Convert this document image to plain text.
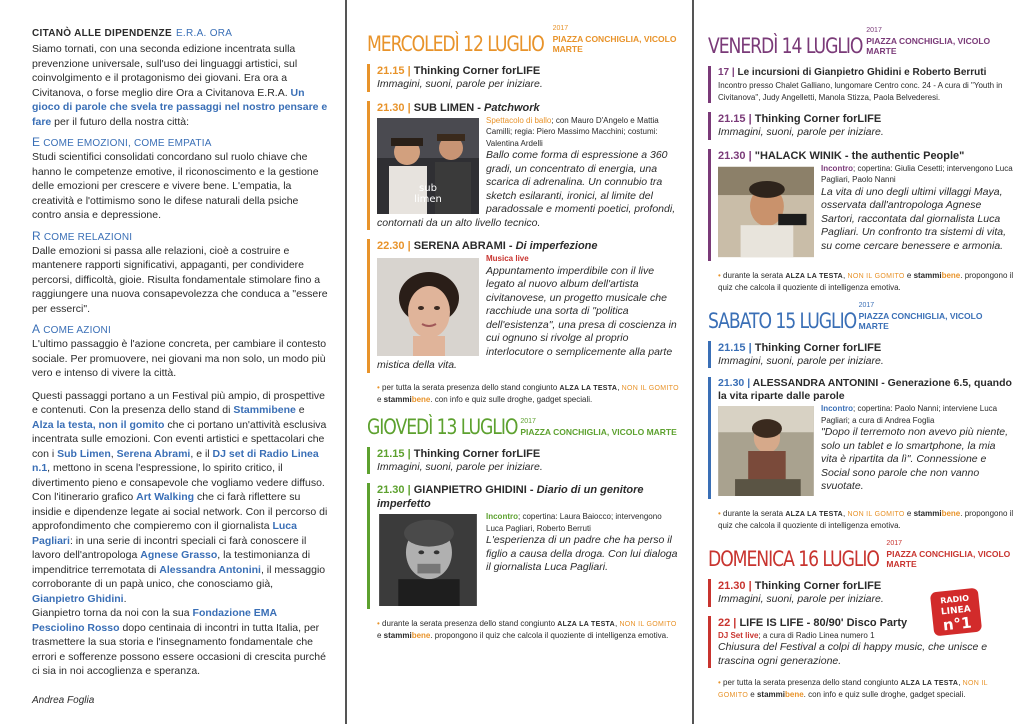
CITANÒ ALLE DIPENDENZE E.R.A. ORA

Siamo tornati, con una seconda edizione incentrata sulla prevenzione universale, sull'uso dei linguaggi artistici, sul coinvolgimento e il protagonismo dei giovani. Era ora a Civitanova, o forse meglio dire Ora a Civitanova E.R.A. Un gioco di parole che svela tre passaggi nel nostro pensare e fare per il futuro della nostra città:

E COME EMOZIONI, COME EMPATIA

Studi scientifici consolidati concordano sul ruolo chiave che hanno le competenze emotive, il riconoscimento e la gestione delle emozioni per crescere e vivere bene. L'empatia, la creatività e l'ottimismo sono le difese naturali della psiche contro ansia e depressione.

R COME RELAZIONI

Dalle emozioni si passa alle relazioni, cioè a costruire e mantenere rapporti significativi, appaganti, per condividere percorsi, difficoltà, gioie. Risulta fondamentale stimolare fino a raggiungere una nuova consapevolezza che conduca a "essere per esserci".

A COME AZIONI

L'ultimo passaggio è l'azione concreta, per cambiare il contesto sociale. Per promuovere, nei giovani ma non solo, un modo più vero e intenso di vivere la città.

Questi passaggi portano a un Festival più ampio, di prospettive e contenuti. Con la presenza dello stand di Stammibene e Alza la testa, non il gomito che ci portano un'attività esclusiva incentrata sulle emozioni. Con eventi artistici e spettacolari che con i Sub Limen, Serena Abrami, e il DJ set di Radio Linea n.1, mettono in scena l'espressione, lo spirito critico, il divertimento pieno e consapevole che vogliamo vedere diffuso. Con l'itinerario grafico Art Walking che ci farà riflettere su insidie e dipendenze legate ai social network. Con il percorso di approfondimento che compieremo con il giornalista Luca Pagliari: in una serie di incontri speciali ci farà conoscere il lavoro dell'antropologa Agnese Grasso, la testimonianza di impenditrice terremotata di Alessandra Antonini, il messaggio corroborante di un papà unico, che conosciamo già, Gianpietro Ghidini.

Gianpietro torna da noi con la sua Fondazione EMA Pesciolino Rosso dopo centinaia di incontri in tutta Italia, per trasmettere la sua storia e l'insegnamento fondamentale che errori e sofferenze possono essere occasioni di crescita purché ci sia in noi accoglienza e speranza.

Andrea Foglia
MERCOLEDÌ 12 LUGLIO
2017
PIAZZA CONCHIGLIA, VICOLO MARTE
21.15 | Thinking Corner forLIFE
Immagini, suoni, parole per iniziare.
21.30 | SUB LIMEN - Patchwork
sub
limen
Spettacolo di ballo; con Mauro D'Angelo e Mattia Camilli; regia: Piero Massimo Macchini; costumi: Valentina Ardelli
Ballo come forma di espressione a 360 gradi, un concentrato di energia, una scarica di adrenalina. Un connubio tra sketch esilaranti, ironici, al limite del paradossale e momenti poetici, profondi, contornati da un alto livello tecnico.
22.30 | SERENA ABRAMI - Di imperfezione
Musica live
Appuntamento imperdibile con il live legato al nuovo album dell'artista civitanovese, un progetto musicale che racchiude una sorta di "politica dell'esistenza", una presa di coscienza in cui ognuno si rivolge al proprio interlocutore o semplicemente alla parte mistica della vita.
• per tutta la serata presenza dello stand congiunto ALZA LA TESTA, NON IL GOMITO e stammibene. con info e quiz sulle droghe, gadget speciali.
GIOVEDÌ 13 LUGLIO 2017
PIAZZA CONCHIGLIA, VICOLO MARTE
21.15 | Thinking Corner forLIFE
Immagini, suoni, parole per iniziare.
21.30 | GIANPIETRO GHIDINI - Diario di un genitore imperfetto
Incontro; copertina: Laura Baiocco; intervengono Luca Pagliari, Roberto Berruti
L'esperienza di un padre che ha perso il figlio a causa della droga. Con lui dialoga il giornalista Luca Pagliari.
• durante la serata presenza dello stand congiunto ALZA LA TESTA, NON IL GOMITO e stammibene. propongono il quiz che calcola il quoziente di intelligenza emotiva.
VENERDÌ 14 LUGLIO
2017
PIAZZA CONCHIGLIA, VICOLO MARTE
17 | Le incursioni di Gianpietro Ghidini e Roberto Berruti
Incontro presso Chalet Galliano, lungomare Centro conc. 24 - A cura di "Youth in Civitanova", Judy Angelletti, Manola Stizza, Paola Belvederesi.
21.15 | Thinking Corner forLIFE
Immagini, suoni, parole per iniziare.
21.30 | "HALACK WINIK - the authentic People"
Incontro; copertina: Giulia Cesetti; intervengono Luca Pagliari, Paolo Nanni
La vita di uno degli ultimi villaggi Maya, osservata dall'antropologa Agnese Sartori, raccontata dal giornalista Luca Pagliari. Un confronto tra sistemi di vita, su come cercare benessere e armonia.
• durante la serata ALZA LA TESTA, NON IL GOMITO e stammibene. propongono il quiz che calcola il quoziente di intelligenza emotiva.
SABATO 15 LUGLIO
2017
PIAZZA CONCHIGLIA, VICOLO MARTE
21.15 | Thinking Corner forLIFE
Immagini, suoni, parole per iniziare.
21.30 | ALESSANDRA ANTONINI - Generazione 6.5, quando la vita riparte dalle parole
Incontro; copertina: Paolo Nanni; interviene Luca Pagliari; a cura di Andrea Foglia
"Dopo il terremoto non avevo più niente, solo un tablet e lo smartphone, la mia vita è ripartita da lì". Connessione e Social sono parole che non vanno svuotate.
• durante la serata ALZA LA TESTA, NON IL GOMITO e stammibene. propongono il quiz che calcola il quoziente di intelligenza emotiva.
DOMENICA 16 LUGLIO
2017
PIAZZA CONCHIGLIA, VICOLO MARTE
21.30 | Thinking Corner forLIFE
Immagini, suoni, parole per iniziare.
22 | LIFE IS LIFE - 80/90' Disco Party
DJ Set live; a cura di Radio Linea numero 1
Chiusura del Festival a colpi di happy music, che unisce e trascina ogni generazione.
• per tutta la serata presenza dello stand congiunto ALZA LA TESTA, NON IL GOMITO e stammibene. con info e quiz sulle droghe, gadget speciali.
RADIO
LINEA
n°1
